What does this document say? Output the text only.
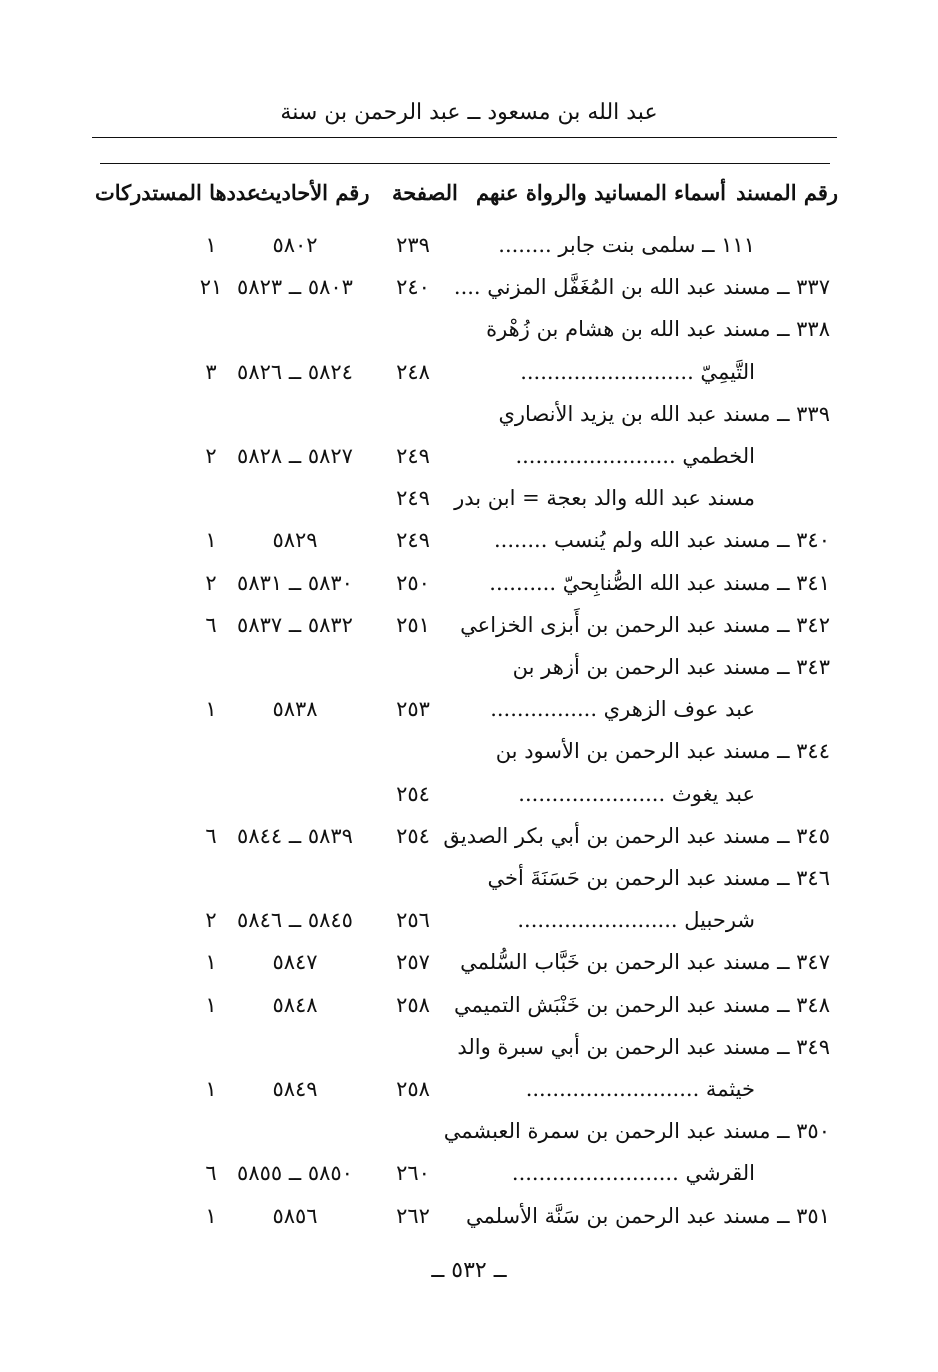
عبد الله بن مسعود ــ عبد الرحمن بن سنة
رقم المسند
أسماء المسانيد والرواة عنهم
الصفحة
رقم الأحاديث
عددها المستدركات
١١١ ــ سلمى بنت جابر ........
٢٣٩
٥٨٠٢
١
٣٣٧ ــ مسند عبد الله بن المُغَفَّل المزني ....
٢٤٠
٥٨٠٣ ــ ٥٨٢٣
٢١
٣٣٨ ــ مسند عبد الله بن هشام بن زُهْرة
التَّيمِيّ ..........................
٢٤٨
٥٨٢٤ ــ ٥٨٢٦
٣
٣٣٩ ــ مسند عبد الله بن يزيد الأنصاري
الخطمي ........................
٢٤٩
٥٨٢٧ ــ ٥٨٢٨
٢
مسند عبد الله والد بعجة = ابن بدر
٢٤٩
٣٤٠ ــ مسند عبد الله ولم يُنسب ........
٢٤٩
٥٨٢٩
١
٣٤١ ــ مسند عبد الله الصُّنابِحيّ ..........
٢٥٠
٥٨٣٠ ــ ٥٨٣١
٢
٣٤٢ ــ مسند عبد الرحمن بن أَبزى الخزاعي
٢٥١
٥٨٣٢ ــ ٥٨٣٧
٦
٣٤٣ ــ مسند عبد الرحمن بن أزهر بن
عبد عوف الزهري ................
٢٥٣
٥٨٣٨
١
٣٤٤ ــ مسند عبد الرحمن بن الأسود بن
عبد يغوث ......................
٢٥٤
٣٤٥ ــ مسند عبد الرحمن بن أبي بكر الصديق
٢٥٤
٥٨٣٩ ــ ٥٨٤٤
٦
٣٤٦ ــ مسند عبد الرحمن بن حَسَنَةَ أخي
شرحبيل ........................
٢٥٦
٥٨٤٥ ــ ٥٨٤٦
٢
٣٤٧ ــ مسند عبد الرحمن بن خَبَّاب السُّلمي
٢٥٧
٥٨٤٧
١
٣٤٨ ــ مسند عبد الرحمن بن خَنْبَش التميمي
٢٥٨
٥٨٤٨
١
٣٤٩ ــ مسند عبد الرحمن بن أبي سبرة والد
خيثمة ..........................
٢٥٨
٥٨٤٩
١
٣٥٠ ــ مسند عبد الرحمن بن سمرة العبشمي
القرشي .........................
٢٦٠
٥٨٥٠ ــ ٥٨٥٥
٦
٣٥١ ــ مسند عبد الرحمن بن سَنَّة الأسلمي
٢٦٢
٥٨٥٦
١
ــ ٥٣٢ ــ
